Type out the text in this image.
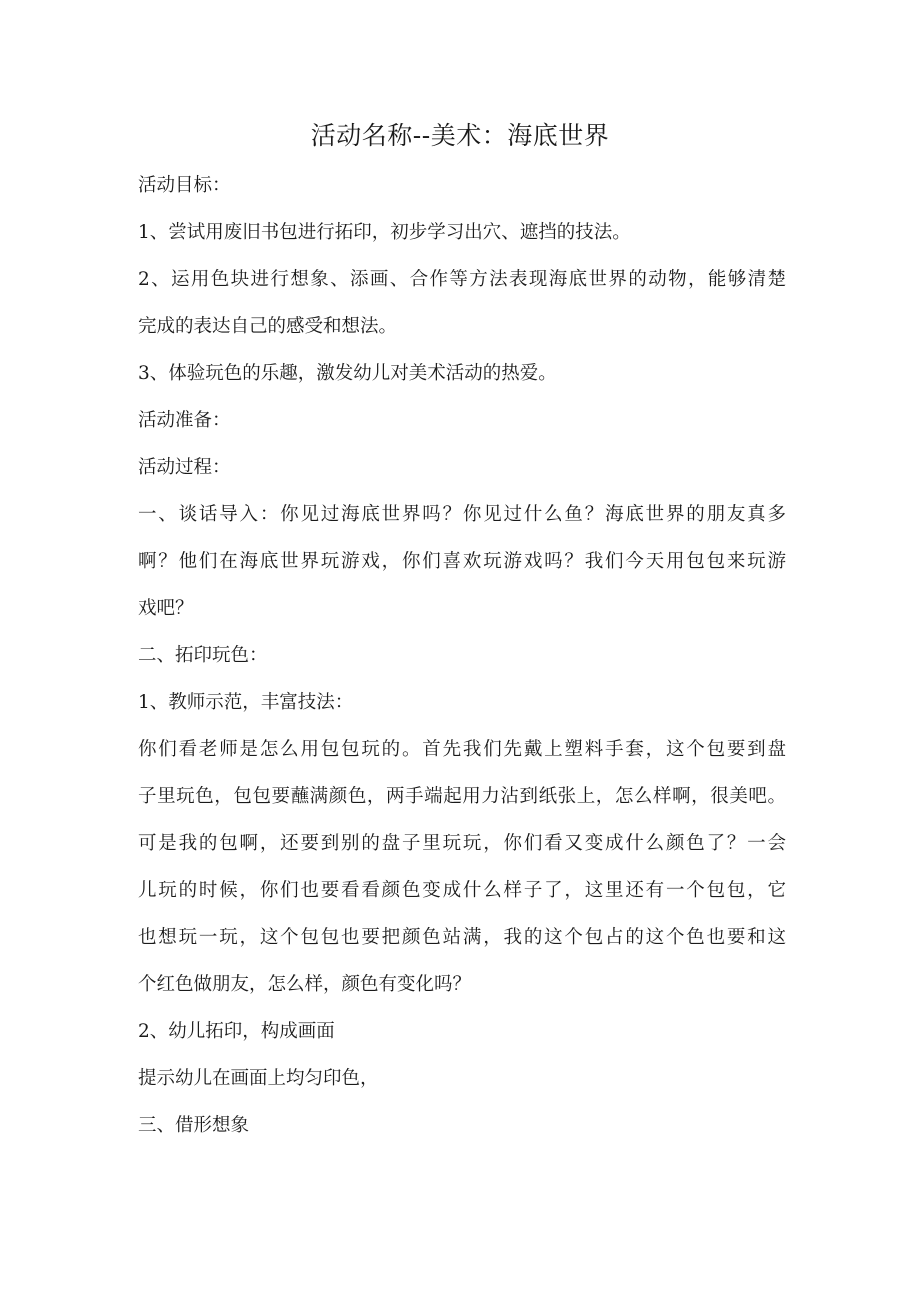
活动名称--美术：海底世界
活动目标：
1、尝试用废旧书包进行拓印，初步学习出穴、遮挡的技法。
2、运用色块进行想象、添画、合作等方法表现海底世界的动物，能够清楚
完成的表达自己的感受和想法。
3、体验玩色的乐趣，激发幼儿对美术活动的热爱。
活动准备：
活动过程：
一、谈话导入：你见过海底世界吗？你见过什么鱼？海底世界的朋友真多
啊？他们在海底世界玩游戏，你们喜欢玩游戏吗？我们今天用包包来玩游
戏吧？
二、拓印玩色：
1、教师示范，丰富技法：
你们看老师是怎么用包包玩的。首先我们先戴上塑料手套，这个包要到盘
子里玩色，包包要蘸满颜色，两手端起用力沾到纸张上，怎么样啊，很美吧。
可是我的包啊，还要到别的盘子里玩玩，你们看又变成什么颜色了？一会
儿玩的时候，你们也要看看颜色变成什么样子了，这里还有一个包包，它
也想玩一玩，这个包包也要把颜色站满，我的这个包占的这个色也要和这
个红色做朋友，怎么样，颜色有变化吗？
2、幼儿拓印，构成画面
提示幼儿在画面上均匀印色，
三、借形想象
